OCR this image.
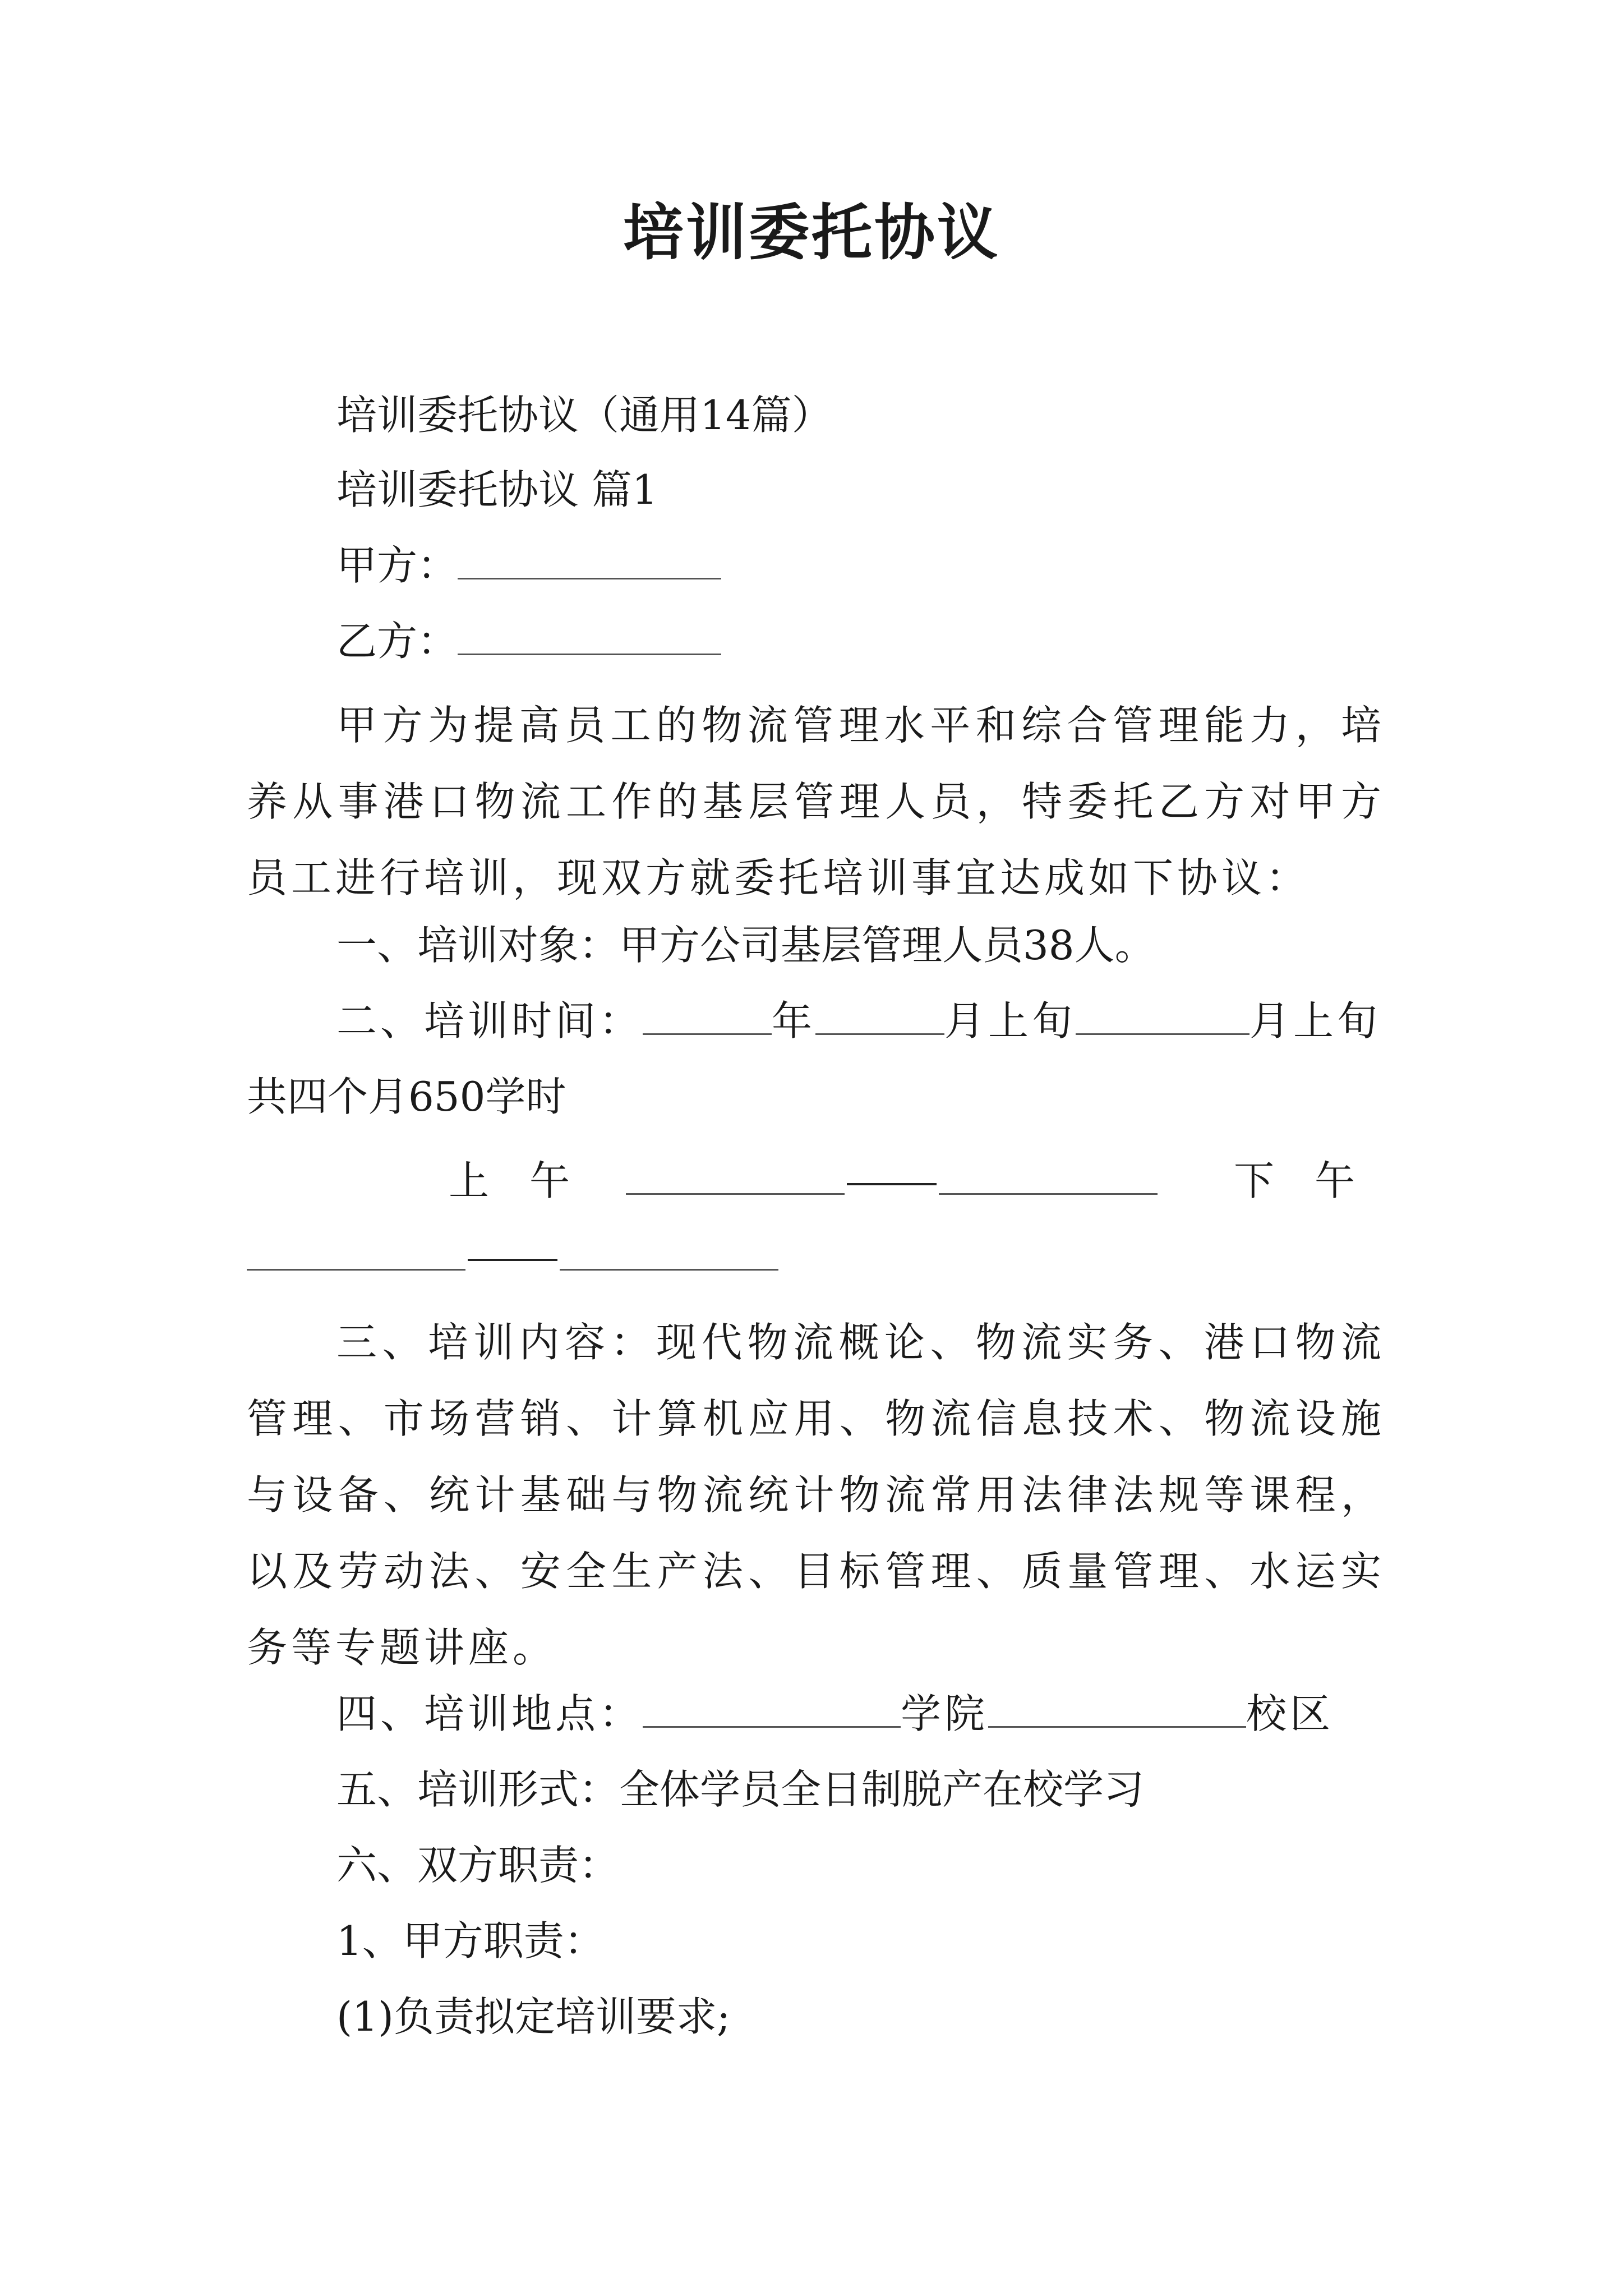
培训委托协议
培训委托协议（通用14篇）
培训委托协议 篇1
甲方：
乙方：

甲方为提高员工的物流管理水平和综合管理能力，培养从事港口物流工作的基层管理人员，特委托乙方对甲方员工进行培训，现双方就委托培训事宜达成如下协议：

一、培训对象：甲方公司基层管理人员38人。
二、培训时间：	年	月上旬	月上旬
共四个月650学时
上　午	下　午

三、培训内容：现代物流概论、物流实务、港口物流管理、市场营销、计算机应用、物流信息技术、物流设施与设备、统计基础与物流统计物流常用法律法规等课程，以及劳动法、安全生产法、目标管理、质量管理、水运实务等专题讲座。

四、培训地点：	学院	校区
五、培训形式：全体学员全日制脱产在校学习
六、双方职责：
1、甲方职责：
(1)负责拟定培训要求;
